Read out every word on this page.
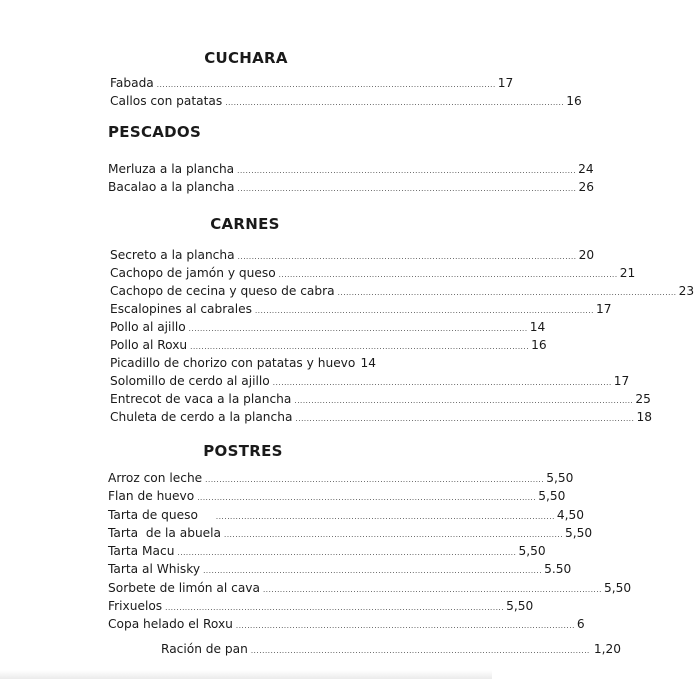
CUCHARA
Fabada ........................................................................................................................ 17
Callos con patatas ........................................................................................................................ 16
PESCADOS
Merluza a la plancha ........................................................................................................................ 24
Bacalao a la plancha ........................................................................................................................ 26
CARNES
Secreto a la plancha ........................................................................................................................ 20
Cachopo de jamón y queso ........................................................................................................................ 21
Cachopo de cecina y queso de cabra ........................................................................................................................ 23
Escalopines al cabrales ........................................................................................................................ 17
Pollo al ajillo ........................................................................................................................ 14
Pollo al Roxu ........................................................................................................................ 16
Picadillo de chorizo con patatas y huevo 14
Solomillo de cerdo al ajillo ........................................................................................................................ 17
Entrecot de vaca a la plancha ........................................................................................................................ 25
Chuleta de cerdo a la plancha ........................................................................................................................ 18
POSTRES
Arroz con leche ........................................................................................................................ 5,50
Flan de huevo ........................................................................................................................ 5,50
Tarta de queso	........................................................................................................................ 4,50
Tarta  de la abuela ........................................................................................................................ 5,50
Tarta Macu ........................................................................................................................ 5,50
Tarta al Whisky ........................................................................................................................ 5.50
Sorbete de limón al cava ........................................................................................................................ 5,50
Frixuelos ........................................................................................................................ 5,50
Copa helado el Roxu ........................................................................................................................ 6
Ración de pan ........................................................................................................................ 1,20
